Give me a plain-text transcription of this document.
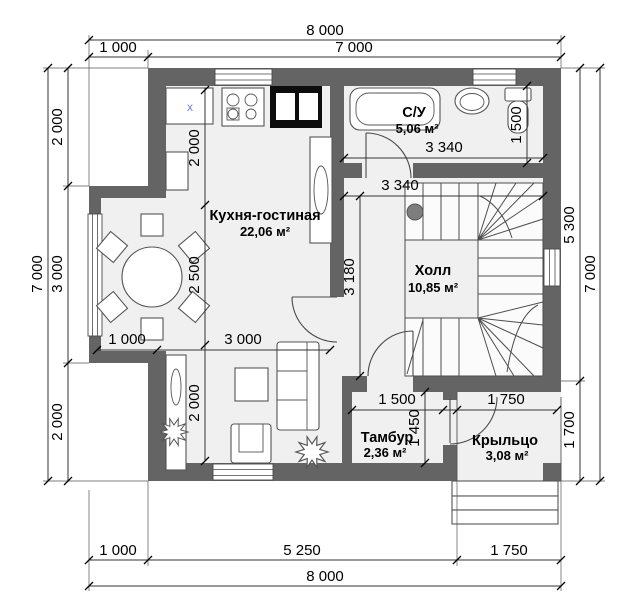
8 000
1 000	7 000
1 000	5 250	1 750
8 000
7 000
2 000
3 000
2 000
5 300
1 700
7 000
2 000
2 500
2 000
1 000	3 000
3 340
3 340
1 500
3 180
1 500
1 450
1 750
Кухня-гостиная
22,06 м²
С/У
5,06 м²
Холл
10,85 м²
Тамбур
2,36 м²
Крыльцо
3,08 м²
x
